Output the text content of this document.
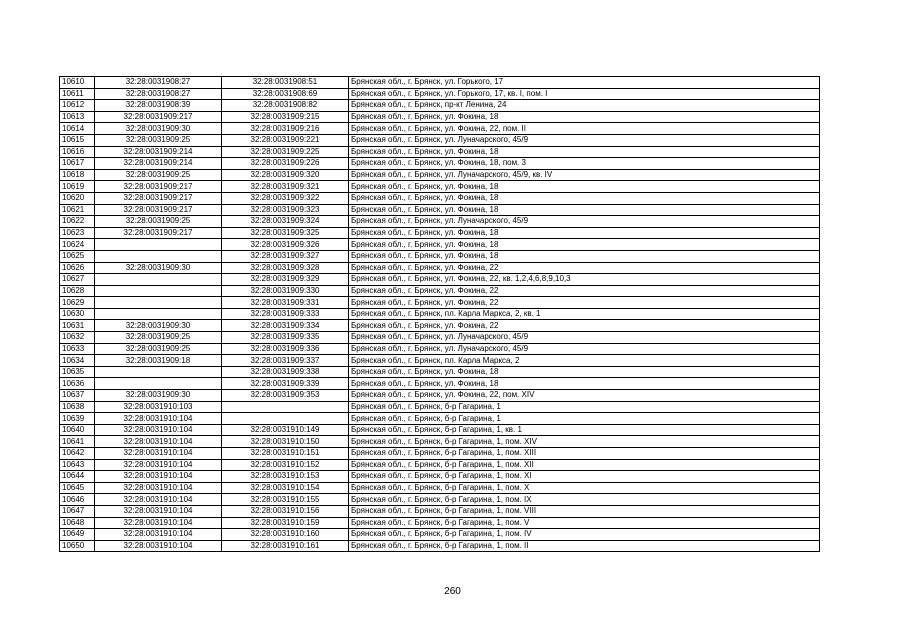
10610	32:28:0031908:27	32:28:0031908:51	Брянская обл., г. Брянск, ул. Горького, 17
10611	32:28:0031908:27	32:28:0031908:69	Брянская обл., г. Брянск, ул. Горького, 17, кв. I, пом. I
10612	32:28:0031908:39	32:28:0031908:82	Брянская обл., г. Брянск, пр-кт Ленина, 24
10613	32:28:0031909:217	32:28:0031909:215	Брянская обл., г. Брянск, ул. Фокина, 18
10614	32:28:0031909:30	32:28:0031909:216	Брянская обл., г. Брянск, ул. Фокина, 22, пом. II
10615	32:28:0031909:25	32:28:0031909:221	Брянская обл., г. Брянск, ул. Луначарского, 45/9
10616	32:28:0031909:214	32:28:0031909:225	Брянская обл., г. Брянск, ул. Фокина, 18
10617	32:28:0031909:214	32:28:0031909:226	Брянская обл., г. Брянск, ул. Фокина, 18, пом. 3
10618	32:28:0031909:25	32:28:0031909:320	Брянская обл., г. Брянск, ул. Луначарского, 45/9, кв. IV
10619	32:28:0031909:217	32:28:0031909:321	Брянская обл., г. Брянск, ул. Фокина, 18
10620	32:28:0031909:217	32:28:0031909:322	Брянская обл., г. Брянск, ул. Фокина, 18
10621	32:28:0031909:217	32:28:0031909:323	Брянская обл., г. Брянск, ул. Фокина, 18
10622	32:28:0031909:25	32:28:0031909:324	Брянская обл., г. Брянск, ул. Луначарского, 45/9
10623	32:28:0031909:217	32:28:0031909:325	Брянская обл., г. Брянск, ул. Фокина, 18
10624		32:28:0031909:326	Брянская обл., г. Брянск, ул. Фокина, 18
10625		32:28:0031909:327	Брянская обл., г. Брянск, ул. Фокина, 18
10626	32:28:0031909:30	32:28:0031909:328	Брянская обл., г. Брянск, ул. Фокина, 22
10627		32:28:0031909:329	Брянская обл., г. Брянск, ул. Фокина, 22, кв. 1,2,4,6,8,9,10,3
10628		32:28:0031909:330	Брянская обл., г. Брянск, ул. Фокина, 22
10629		32:28:0031909:331	Брянская обл., г. Брянск, ул. Фокина, 22
10630		32:28:0031909:333	Брянская обл., г. Брянск, пл. Карла Маркса, 2, кв. 1
10631	32:28:0031909:30	32:28:0031909:334	Брянская обл., г. Брянск, ул. Фокина, 22
10632	32:28:0031909:25	32:28:0031909:335	Брянская обл., г. Брянск, ул. Луначарского, 45/9
10633	32:28:0031909:25	32:28:0031909:336	Брянская обл., г. Брянск, ул. Луначарского, 45/9
10634	32:28:0031909:18	32:28:0031909:337	Брянская обл., г. Брянск, пл. Карла Маркса, 2
10635		32:28:0031909:338	Брянская обл., г. Брянск, ул. Фокина, 18
10636		32:28:0031909:339	Брянская обл., г. Брянск, ул. Фокина, 18
10637	32:28:0031909:30	32:28:0031909:353	Брянская обл., г. Брянск, ул. Фокина, 22, пом. XIV
10638	32:28:0031910:103		Брянская обл., г. Брянск, б-р Гагарина, 1
10639	32:28:0031910:104		Брянская обл., г. Брянск, б-р Гагарина, 1
10640	32:28:0031910:104	32:28:0031910:149	Брянская обл., г. Брянск, б-р Гагарина, 1, кв. 1
10641	32:28:0031910:104	32:28:0031910:150	Брянская обл., г. Брянск, б-р Гагарина, 1, пом. XIV
10642	32:28:0031910:104	32:28:0031910:151	Брянская обл., г. Брянск, б-р Гагарина, 1, пом. XIII
10643	32:28:0031910:104	32:28:0031910:152	Брянская обл., г. Брянск, б-р Гагарина, 1, пом. XII
10644	32:28:0031910:104	32:28:0031910:153	Брянская обл., г. Брянск, б-р Гагарина, 1, пом. XI
10645	32:28:0031910:104	32:28:0031910:154	Брянская обл., г. Брянск, б-р Гагарина, 1, пом. X
10646	32:28:0031910:104	32:28:0031910:155	Брянская обл., г. Брянск, б-р Гагарина, 1, пом. IX
10647	32:28:0031910:104	32:28:0031910:156	Брянская обл., г. Брянск, б-р Гагарина, 1, пом. VIII
10648	32:28:0031910:104	32:28:0031910:159	Брянская обл., г. Брянск, б-р Гагарина, 1, пом. V
10649	32:28:0031910:104	32:28:0031910:160	Брянская обл., г. Брянск, б-р Гагарина, 1, пом. IV
10650	32:28:0031910:104	32:28:0031910:161	Брянская обл., г. Брянск, б-р Гагарина, 1, пом. II
260
